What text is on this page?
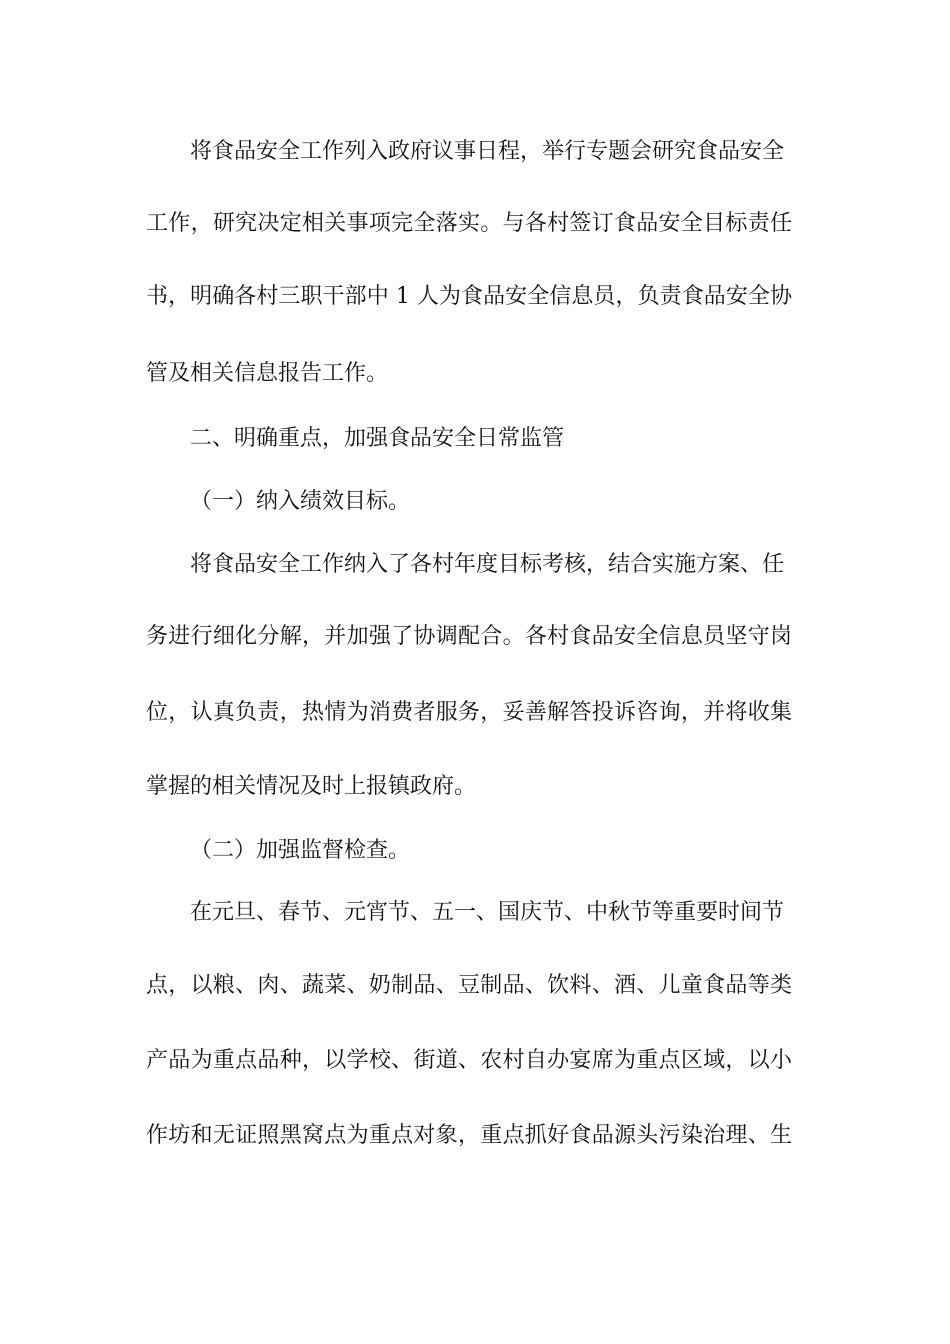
将食品安全工作列入政府议事日程，举行专题会研究食品安全
工作，研究决定相关事项完全落实。与各村签订食品安全目标责任
书，明确各村三职干部中 1 人为食品安全信息员，负责食品安全协
管及相关信息报告工作。
二、明确重点，加强食品安全日常监管
（一）纳入绩效目标。
将食品安全工作纳入了各村年度目标考核，结合实施方案、任
务进行细化分解，并加强了协调配合。各村食品安全信息员坚守岗
位，认真负责，热情为消费者服务，妥善解答投诉咨询，并将收集
掌握的相关情况及时上报镇政府。
（二）加强监督检查。
在元旦、春节、元宵节、五一、国庆节、中秋节等重要时间节
点，以粮、肉、蔬菜、奶制品、豆制品、饮料、酒、儿童食品等类
产品为重点品种，以学校、街道、农村自办宴席为重点区域，以小
作坊和无证照黑窝点为重点对象，重点抓好食品源头污染治理、生
